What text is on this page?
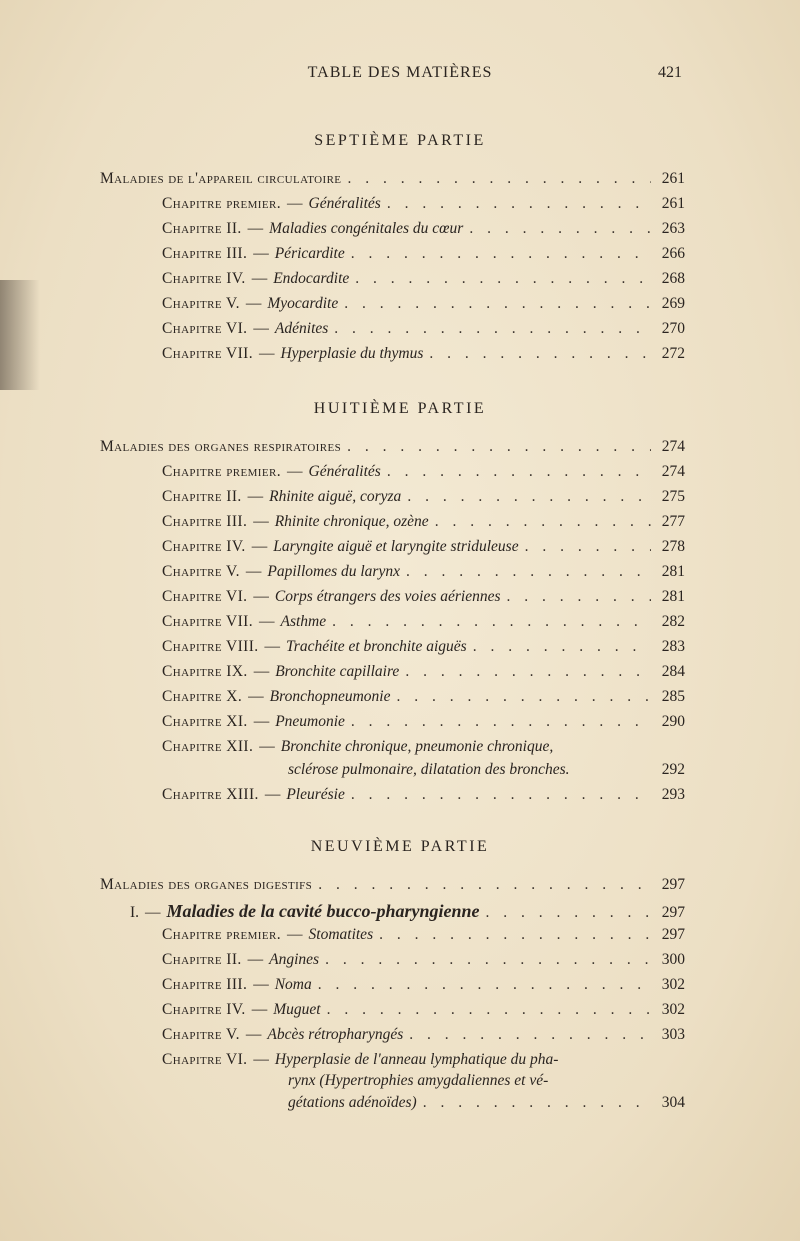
TABLE DES MATIÈRES	421
SEPTIÈME PARTIE
Maladies de l'appareil circulatoire . . .	261
Chapitre premier. — Généralités . . .	261
Chapitre II. — Maladies congénitales du cœur . . .	263
Chapitre III. — Péricardite . . .	266
Chapitre IV. — Endocardite . . .	268
Chapitre V. — Myocardite . . .	269
Chapitre VI. — Adénites . . .	270
Chapitre VII. — Hyperplasie du thymus . . .	272
HUITIÈME PARTIE
Maladies des organes respiratoires . . .	274
Chapitre premier. — Généralités . . .	274
Chapitre II. — Rhinite aiguë, coryza . . .	275
Chapitre III. — Rhinite chronique, ozène . . .	277
Chapitre IV. — Laryngite aiguë et laryngite striduleuse . . .	278
Chapitre V. — Papillomes du larynx . . .	281
Chapitre VI. — Corps étrangers des voies aériennes . . .	281
Chapitre VII. — Asthme . . .	282
Chapitre VIII. — Trachéite et bronchite aiguës . . .	283
Chapitre IX. — Bronchite capillaire . . .	284
Chapitre X. — Bronchopneumonie . . .	285
Chapitre XI. — Pneumonie . . .	290
Chapitre XII. — Bronchite chronique, pneumonie chronique,
sclérose pulmonaire, dilatation des bronches.	292
Chapitre XIII. — Pleurésie . . .	293
NEUVIÈME PARTIE
Maladies des organes digestifs . . .	297
I. — Maladies de la cavité bucco-pharyngienne . . .	297
Chapitre premier. — Stomatites . . .	297
Chapitre II. — Angines . . .	300
Chapitre III. — Noma . . .	302
Chapitre IV. — Muguet . . .	302
Chapitre V. — Abcès rétropharyngés . . .	303
Chapitre VI. — Hyperplasie de l'anneau lymphatique du pha-
rynx (Hypertrophies amygdaliennes et vé-
gétations adénoïdes) . . .	304
